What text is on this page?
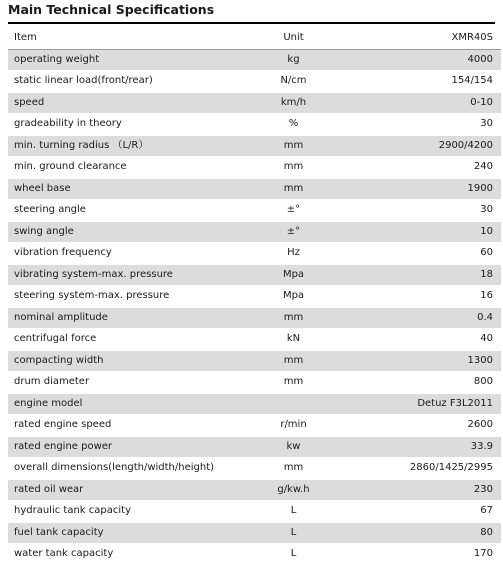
Main Technical Specifications
Item	Unit	XMR40S
operating weight	kg	4000
static linear load(front/rear)	N/cm	154/154
speed	km/h	0-10
gradeability in theory	%	30
min. turning radius （L/R）	mm	2900/4200
min. ground clearance	mm	240
wheel base	mm	1900
steering angle	±°	30
swing angle	±°	10
vibration frequency	Hz	60
vibrating system-max. pressure	Mpa	18
steering system-max. pressure	Mpa	16
nominal amplitude	mm	0.4
centrifugal force	kN	40
compacting width	mm	1300
drum diameter	mm	800
engine model		Detuz F3L2011
rated engine speed	r/min	2600
rated engine power	kw	33.9
overall dimensions(length/width/height)	mm	2860/1425/2995
rated oil wear	g/kw.h	230
hydraulic tank capacity	L	67
fuel tank capacity	L	80
water tank capacity	L	170
